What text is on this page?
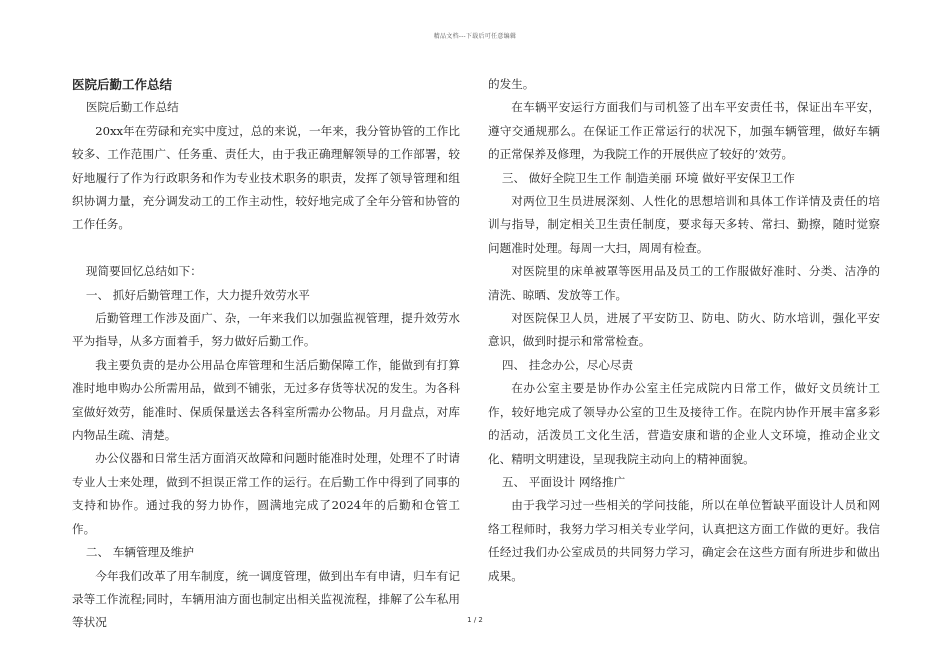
精品文档---下载后可任意编辑

医院后勤工作总结

医院后勤工作总结

20xx年在劳碌和充实中度过，总的来说，一年来，我分管协管的工作比较多、工作范围广、任务重、责任大，由于我正确理解领导的工作部署，较好地履行了作为行政职务和作为专业技术职务的职责，发挥了领导管理和组织协调力量，充分调发动工的工作主动性，较好地完成了全年分管和协管的工作任务。

现简要回忆总结如下：

一、 抓好后勤管理工作，大力提升效劳水平

后勤管理工作涉及面广、杂，一年来我们以加强监视管理，提升效劳水平为指导，从多方面着手，努力做好后勤工作。

我主要负责的是办公用品仓库管理和生活后勤保障工作，能做到有打算准时地申购办公所需用品，做到不铺张，无过多存货等状况的发生。为各科室做好效劳，能准时、保质保量送去各科室所需办公物品。月月盘点，对库内物品生疏、清楚。

办公仪器和日常生活方面消灭故障和问题时能准时处理，处理不了时请专业人士来处理，做到不担误正常工作的运行。在后勤工作中得到了同事的支持和协作。通过我的努力协作，圆满地完成了2024年的后勤和仓管工作。

二、 车辆管理及维护

今年我们改革了用车制度，统一调度管理，做到出车有申请，归车有记录等工作流程;同时，车辆用油方面也制定出相关监视流程，排解了公车私用等状况

的发生。

在车辆平安运行方面我们与司机签了出车平安责任书，保证出车平安，遵守交通规那么。在保证工作正常运行的状况下，加强车辆管理，做好车辆的正常保养及修理，为我院工作的开展供应了较好的’效劳。

三、 做好全院卫生工作 制造美丽 环境 做好平安保卫工作

对两位卫生员进展深刻、人性化的思想培训和具体工作详情及责任的培训与指导，制定相关卫生责任制度，要求每天多转、常扫、勤擦，随时觉察问题准时处理。每周一大扫，周周有检查。

对医院里的床单被罩等医用品及员工的工作服做好准时、分类、洁净的清洗、晾晒、发放等工作。

对医院保卫人员，进展了平安防卫、防电、防火、防水培训，强化平安意识，做到时提示和常常检查。

四、 挂念办公，尽心尽责

在办公室主要是协作办公室主任完成院内日常工作，做好文员统计工作，较好地完成了领导办公室的卫生及接待工作。在院内协作开展丰富多彩的活动，活泼员工文化生活，营造安康和谐的企业人文环境，推动企业文化、精明文明建设，呈现我院主动向上的精神面貌。

五、 平面设计 网络推广

由于我学习过一些相关的学问技能，所以在单位暂缺平面设计人员和网络工程师时，我努力学习相关专业学问，认真把这方面工作做的更好。我信任经过我们办公室成员的共同努力学习，确定会在这些方面有所进步和做出成果。

1 / 2
